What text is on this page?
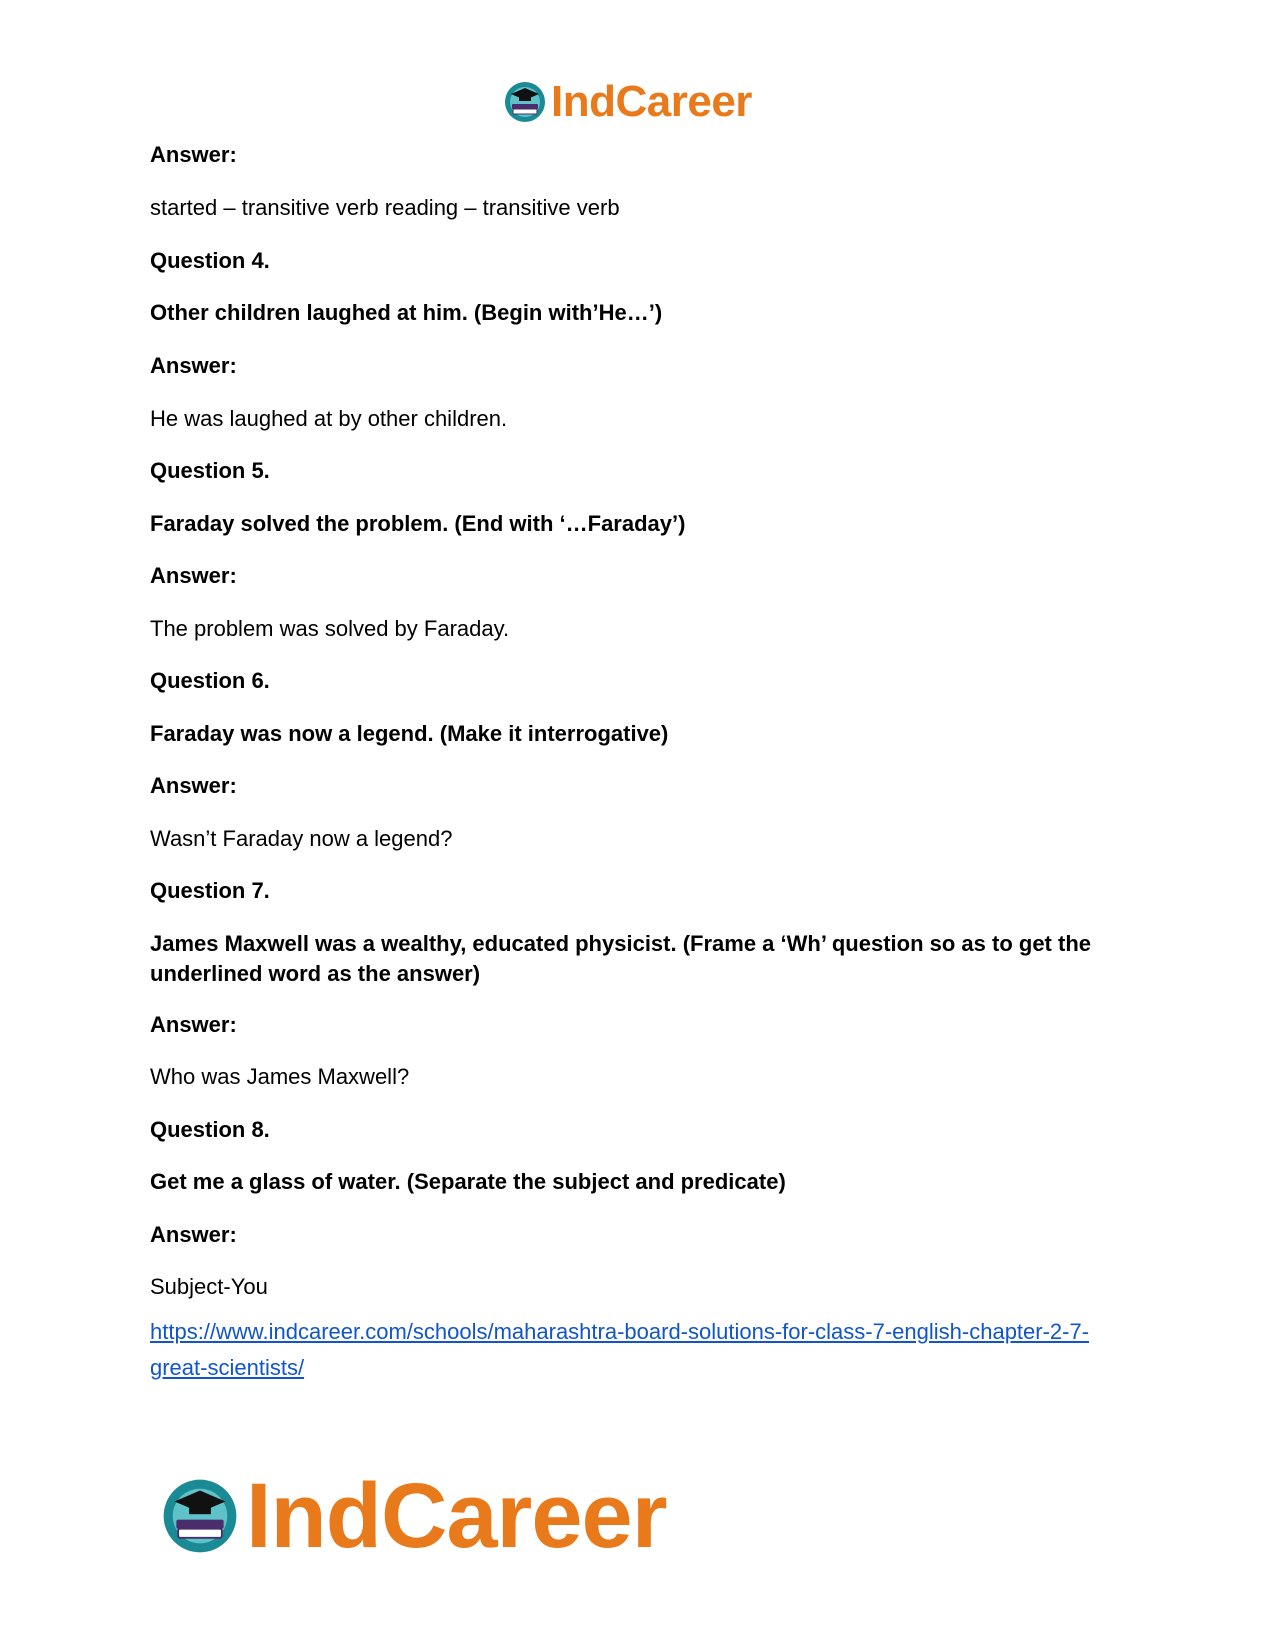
IndCareer
Answer:
started – transitive verb reading – transitive verb
Question 4.
Other children laughed at him. (Begin with’He…’)
Answer:
He was laughed at by other children.
Question 5.
Faraday solved the problem. (End with ‘…Faraday’)
Answer:
The problem was solved by Faraday.
Question 6.
Faraday was now a legend. (Make it interrogative)
Answer:
Wasn’t Faraday now a legend?
Question 7.
James Maxwell was a wealthy, educated physicist. (Frame a ‘Wh’ question so as to get the underlined word as the answer)
Answer:
Who was James Maxwell?
Question 8.
Get me a glass of water. (Separate the subject and predicate)
Answer:
Subject-You
https://www.indcareer.com/schools/maharashtra-board-solutions-for-class-7-english-chapter-2-7-great-scientists/
IndCareer
